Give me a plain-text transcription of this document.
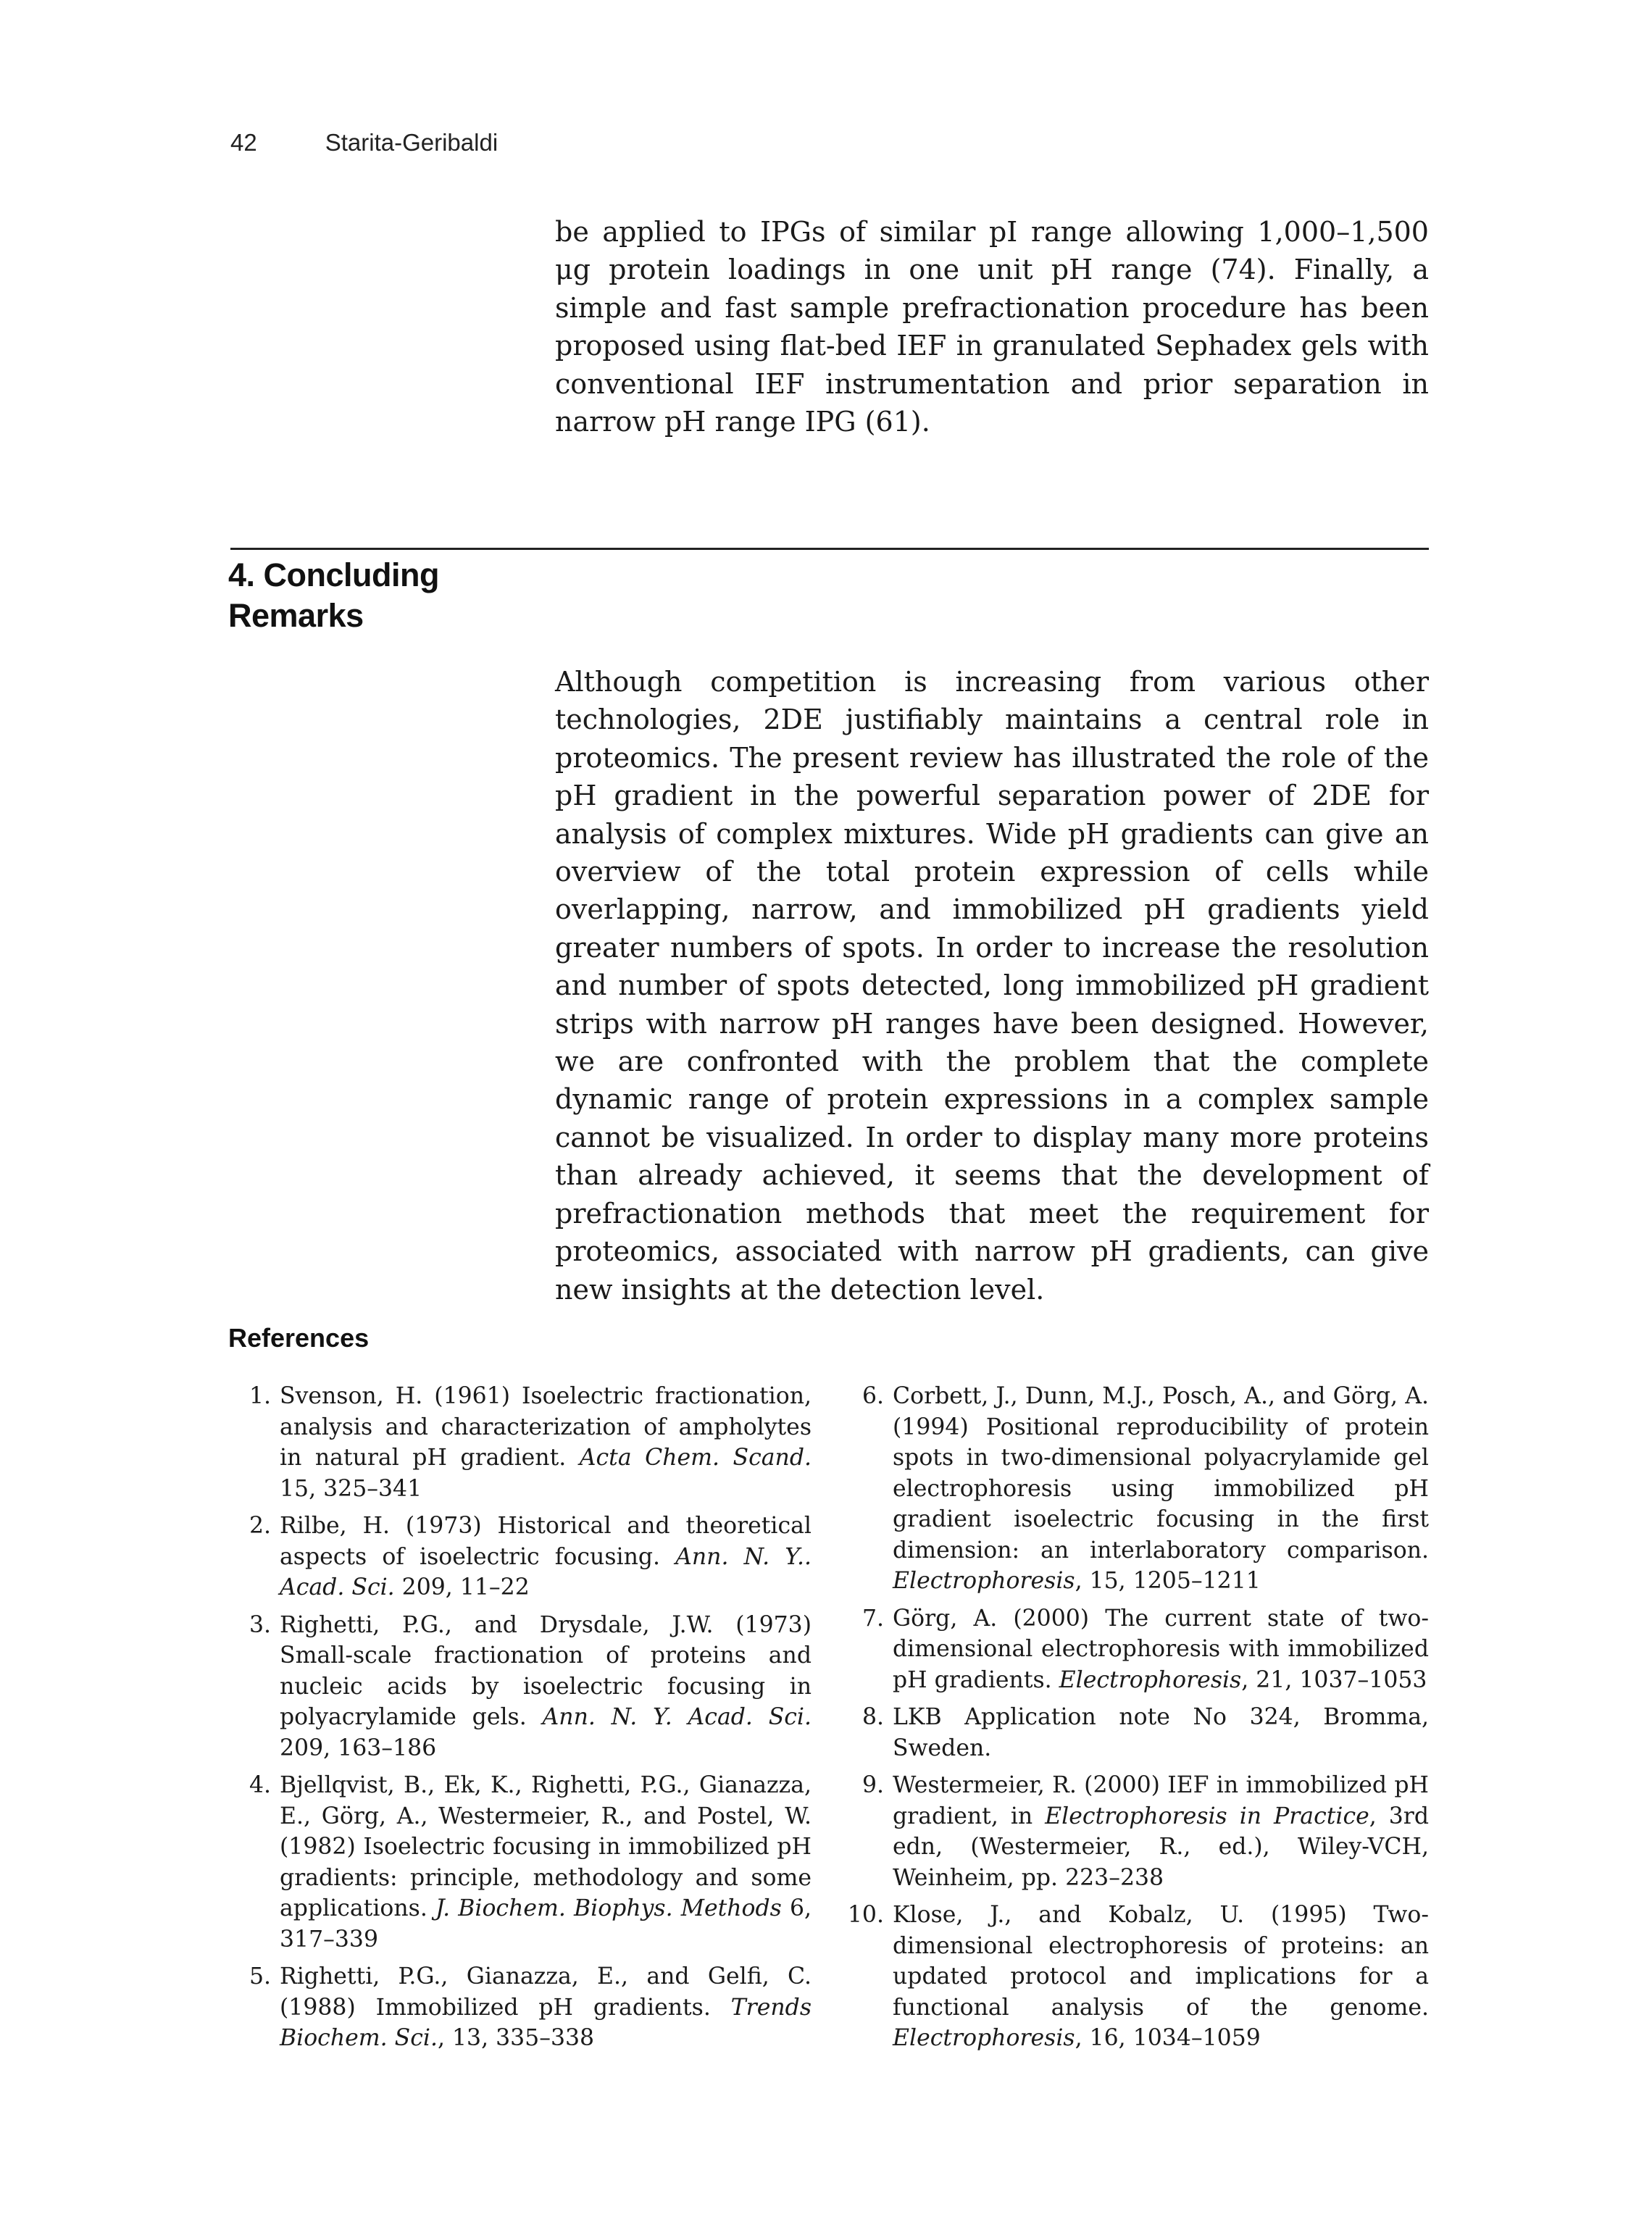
42	Starita-Geribaldi
be applied to IPGs of similar pI range allowing 1,000–1,500 μg protein loadings in one unit pH range (74). Finally, a simple and fast sample prefractionation procedure has been proposed using flat-bed IEF in granulated Sephadex gels with conventional IEF instrumentation and prior separation in narrow pH range IPG (61).
4. Concluding
Remarks
Although competition is increasing from various other technologies, 2DE justifiably maintains a central role in proteomics. The present review has illustrated the role of the pH gradient in the powerful separation power of 2DE for analysis of complex mixtures. Wide pH gradients can give an overview of the total protein expression of cells while overlapping, narrow, and immobilized pH gradients yield greater numbers of spots. In order to increase the resolution and number of spots detected, long immobilized pH gradient strips with narrow pH ranges have been designed. However, we are confronted with the problem that the complete dynamic range of protein expressions in a complex sample cannot be visualized. In order to display many more proteins than already achieved, it seems that the development of prefractionation methods that meet the requirement for proteomics, associated with narrow pH gradients, can give new insights at the detection level.
References
1. Svenson, H. (1961) Isoelectric fractionation, analysis and characterization of ampholytes in natural pH gradient. Acta Chem. Scand. 15, 325–341
2. Rilbe, H. (1973) Historical and theoretical aspects of isoelectric focusing. Ann. N. Y.. Acad. Sci. 209, 11–22
3. Righetti, P.G., and Drysdale, J.W. (1973) Small-scale fractionation of proteins and nucleic acids by isoelectric focusing in polyacrylamide gels. Ann. N. Y. Acad. Sci. 209, 163–186
4. Bjellqvist, B., Ek, K., Righetti, P.G., Gianazza, E., Görg, A., Westermeier, R., and Postel, W. (1982) Isoelectric focusing in immobilized pH gradients: principle, methodology and some applications. J. Biochem. Biophys. Methods 6, 317–339
5. Righetti, P.G., Gianazza, E., and Gelfi, C. (1988) Immobilized pH gradients. Trends Biochem. Sci., 13, 335–338
6. Corbett, J., Dunn, M.J., Posch, A., and Görg, A. (1994) Positional reproducibility of protein spots in two-dimensional polyacrylamide gel electrophoresis using immobilized pH gradient isoelectric focusing in the first dimension: an interlaboratory comparison. Electrophoresis, 15, 1205–1211
7. Görg, A. (2000) The current state of two-dimensional electrophoresis with immobilized pH gradients. Electrophoresis, 21, 1037–1053
8. LKB Application note No 324, Bromma, Sweden.
9. Westermeier, R. (2000) IEF in immobilized pH gradient, in Electrophoresis in Practice, 3rd edn, (Westermeier, R., ed.), Wiley-VCH, Weinheim, pp. 223–238
10. Klose, J., and Kobalz, U. (1995) Two-dimensional electrophoresis of proteins: an updated protocol and implications for a functional analysis of the genome. Electrophoresis, 16, 1034–1059
